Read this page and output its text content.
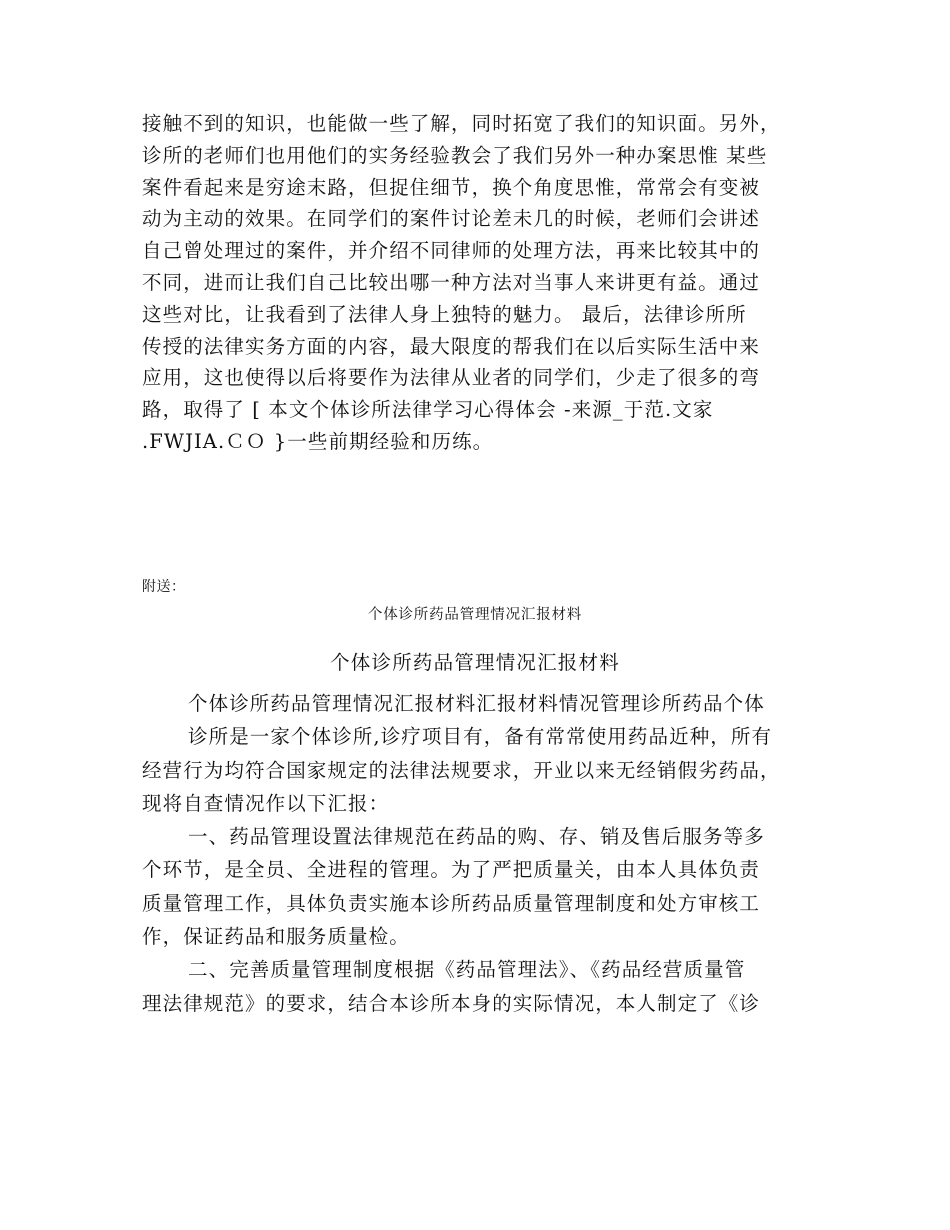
接触不到的知识，也能做一些了解，同时拓宽了我们的知识面。另外，
诊所的老师们也用他们的实务经验教会了我们另外一种办案思惟 某些
案件看起来是穷途末路，但捉住细节，换个角度思惟，常常会有变被
动为主动的效果。在同学们的案件讨论差未几的时候，老师们会讲述
自己曾处理过的案件，并介绍不同律师的处理方法，再来比较其中的
不同，进而让我们自己比较出哪一种方法对当事人来讲更有益。通过
这些对比，让我看到了法律人身上独特的魅力。 最后，法律诊所所
传授的法律实务方面的内容，最大限度的帮我们在以后实际生活中来
应用，这也使得以后将要作为法律从业者的同学们，少走了很多的弯
路，取得了 [ 本文个体诊所法律学习心得体会 -来源_于范.文家
.FWJIA.ＣＯ }一些前期经验和历练。
附送：
个体诊所药品管理情况汇报材料
个体诊所药品管理情况汇报材料
个体诊所药品管理情况汇报材料汇报材料情况管理诊所药品个体
诊所是一家个体诊所,诊疗项目有，备有常常使用药品近种，所有
经营行为均符合国家规定的法律法规要求，开业以来无经销假劣药品，
现将自查情况作以下汇报：
一、药品管理设置法律规范在药品的购、存、销及售后服务等多
个环节，是全员、全进程的管理。为了严把质量关，由本人具体负责
质量管理工作，具体负责实施本诊所药品质量管理制度和处方审核工
作，保证药品和服务质量检。
二、完善质量管理制度根据《药品管理法》、《药品经营质量管
理法律规范》的要求，结合本诊所本身的实际情况，本人制定了《诊
